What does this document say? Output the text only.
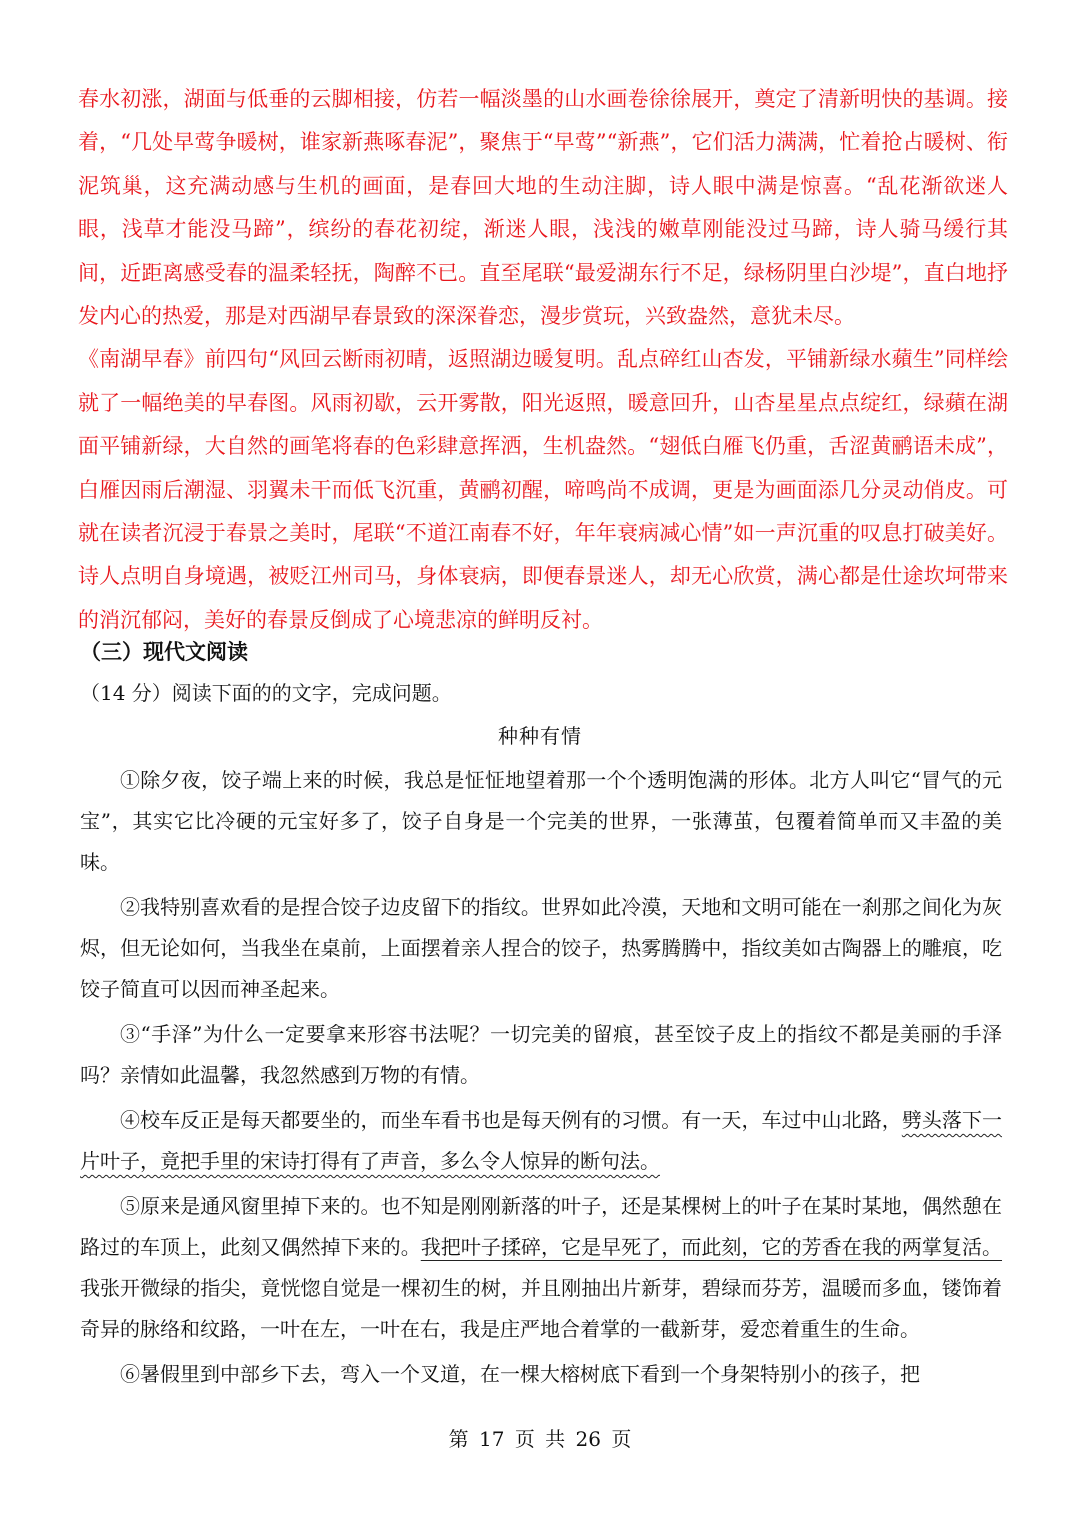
春水初涨，湖面与低垂的云脚相接，仿若一幅淡墨的山水画卷徐徐展开，奠定了清新明快的基调。接着，“几处早莺争暖树，谁家新燕啄春泥”，聚焦于“早莺”“新燕”，它们活力满满，忙着抢占暖树、衔泥筑巢，这充满动感与生机的画面，是春回大地的生动注脚，诗人眼中满是惊喜。“乱花渐欲迷人眼，浅草才能没马蹄”，缤纷的春花初绽，渐迷人眼，浅浅的嫩草刚能没过马蹄，诗人骑马缓行其间，近距离感受春的温柔轻抚，陶醉不已。直至尾联“最爱湖东行不足，绿杨阴里白沙堤”，直白地抒发内心的热爱，那是对西湖早春景致的深深眷恋，漫步赏玩，兴致盎然，意犹未尽。

《南湖早春》前四句“风回云断雨初晴，返照湖边暖复明。乱点碎红山杏发，平铺新绿水蘋生”同样绘就了一幅绝美的早春图。风雨初歇，云开雾散，阳光返照，暖意回升，山杏星星点点绽红，绿蘋在湖面平铺新绿，大自然的画笔将春的色彩肆意挥洒，生机盎然。“翅低白雁飞仍重，舌涩黄鹂语未成”，白雁因雨后潮湿、羽翼未干而低飞沉重，黄鹂初醒，啼鸣尚不成调，更是为画面添几分灵动俏皮。可就在读者沉浸于春景之美时，尾联“不道江南春不好，年年衰病减心情”如一声沉重的叹息打破美好。诗人点明自身境遇，被贬江州司马，身体衰病，即便春景迷人，却无心欣赏，满心都是仕途坎坷带来的消沉郁闷，美好的春景反倒成了心境悲凉的鲜明反衬。

（三）现代文阅读
（14 分）阅读下面的的文字，完成问题。
种种有情

①除夕夜，饺子端上来的时候，我总是怔怔地望着那一个个透明饱满的形体。北方人叫它“冒气的元宝”，其实它比冷硬的元宝好多了，饺子自身是一个完美的世界，一张薄茧，包覆着简单而又丰盈的美味。

②我特别喜欢看的是捏合饺子边皮留下的指纹。世界如此冷漠，天地和文明可能在一刹那之间化为灰烬，但无论如何，当我坐在桌前，上面摆着亲人捏合的饺子，热雾腾腾中，指纹美如古陶器上的雕痕，吃饺子简直可以因而神圣起来。

③“手泽”为什么一定要拿来形容书法呢？一切完美的留痕，甚至饺子皮上的指纹不都是美丽的手泽吗？亲情如此温馨，我忽然感到万物的有情。

④校车反正是每天都要坐的，而坐车看书也是每天例有的习惯。有一天，车过中山北路，劈头落下一片叶子，竟把手里的宋诗打得有了声音，多么令人惊异的断句法。

⑤原来是通风窗里掉下来的。也不知是刚刚新落的叶子，还是某棵树上的叶子在某时某地，偶然憩在路过的车顶上，此刻又偶然掉下来的。我把叶子揉碎，它是早死了，而此刻，它的芳香在我的两掌复活。我张开微绿的指尖，竟恍惚自觉是一棵初生的树，并且刚抽出片新芽，碧绿而芬芳，温暖而多血，镂饰着奇异的脉络和纹路，一叶在左，一叶在右，我是庄严地合着掌的一截新芽，爱恋着重生的生命。

⑥暑假里到中部乡下去，弯入一个叉道，在一棵大榕树底下看到一个身架特别小的孩子，把

第 17 页 共 26 页
